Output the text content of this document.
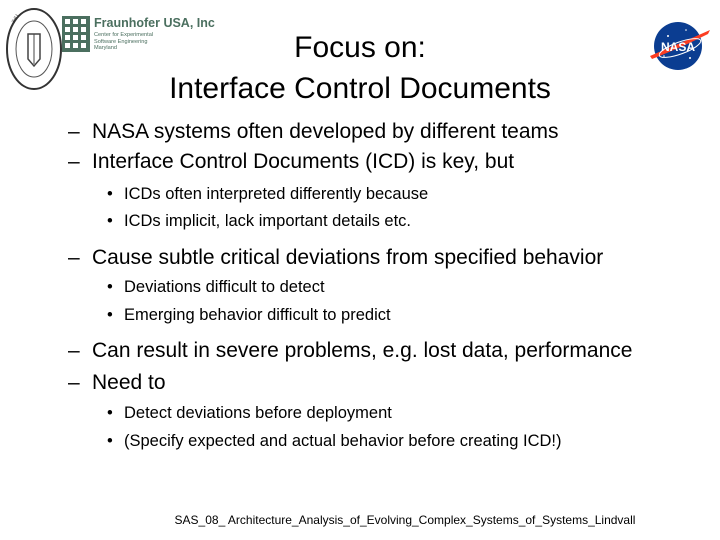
JHU	Fraunhofer USA, Inc
Center for Experimental
Software Engineering
Maryland	NASA
Focus on:
Interface Control Documents
– NASA systems often developed by different teams
– Interface Control Documents (ICD) is key, but
• ICDs often interpreted differently because
• ICDs implicit, lack important details etc.
– Cause subtle critical deviations from specified behavior
• Deviations difficult to detect
• Emerging behavior difficult to predict
– Can result in severe problems, e.g. lost data, performance
– Need to
• Detect deviations before deployment
• (Specify expected and actual behavior before creating ICD!)
SAS_08_ Architecture_Analysis_of_Evolving_Complex_Systems_of_Systems_Lindvall
